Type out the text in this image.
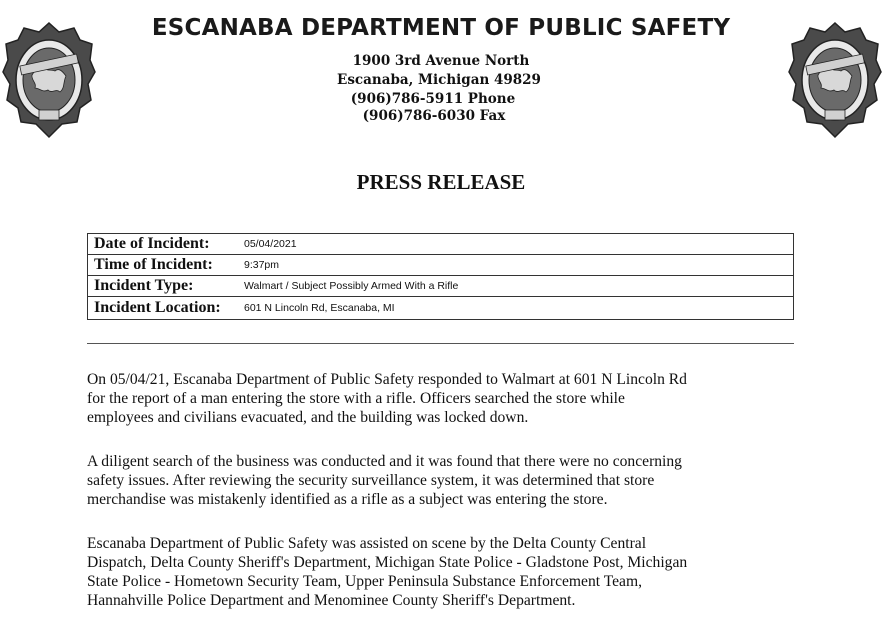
ESCANABA DEPARTMENT OF PUBLIC SAFETY
1900 3rd Avenue North
Escanaba, Michigan 49829
(906)786-5911 Phone
(906)786-6030 Fax
PRESS RELEASE
Date of Incident:	05/04/2021
Time of Incident:	9:37pm
Incident Type:	Walmart / Subject Possibly Armed With a Rifle
Incident Location:	601 N Lincoln Rd, Escanaba, MI
On 05/04/21, Escanaba Department of Public Safety responded to Walmart at 601 N Lincoln Rd
for the report of a man entering the store with a rifle. Officers searched the store while
employees and civilians evacuated, and the building was locked down.
A diligent search of the business was conducted and it was found that there were no concerning
safety issues. After reviewing the security surveillance system, it was determined that store
merchandise was mistakenly identified as a rifle as a subject was entering the store.
Escanaba Department of Public Safety was assisted on scene by the Delta County Central
Dispatch, Delta County Sheriff's Department, Michigan State Police - Gladstone Post, Michigan
State Police - Hometown Security Team, Upper Peninsula Substance Enforcement Team,
Hannahville Police Department and Menominee County Sheriff's Department.
